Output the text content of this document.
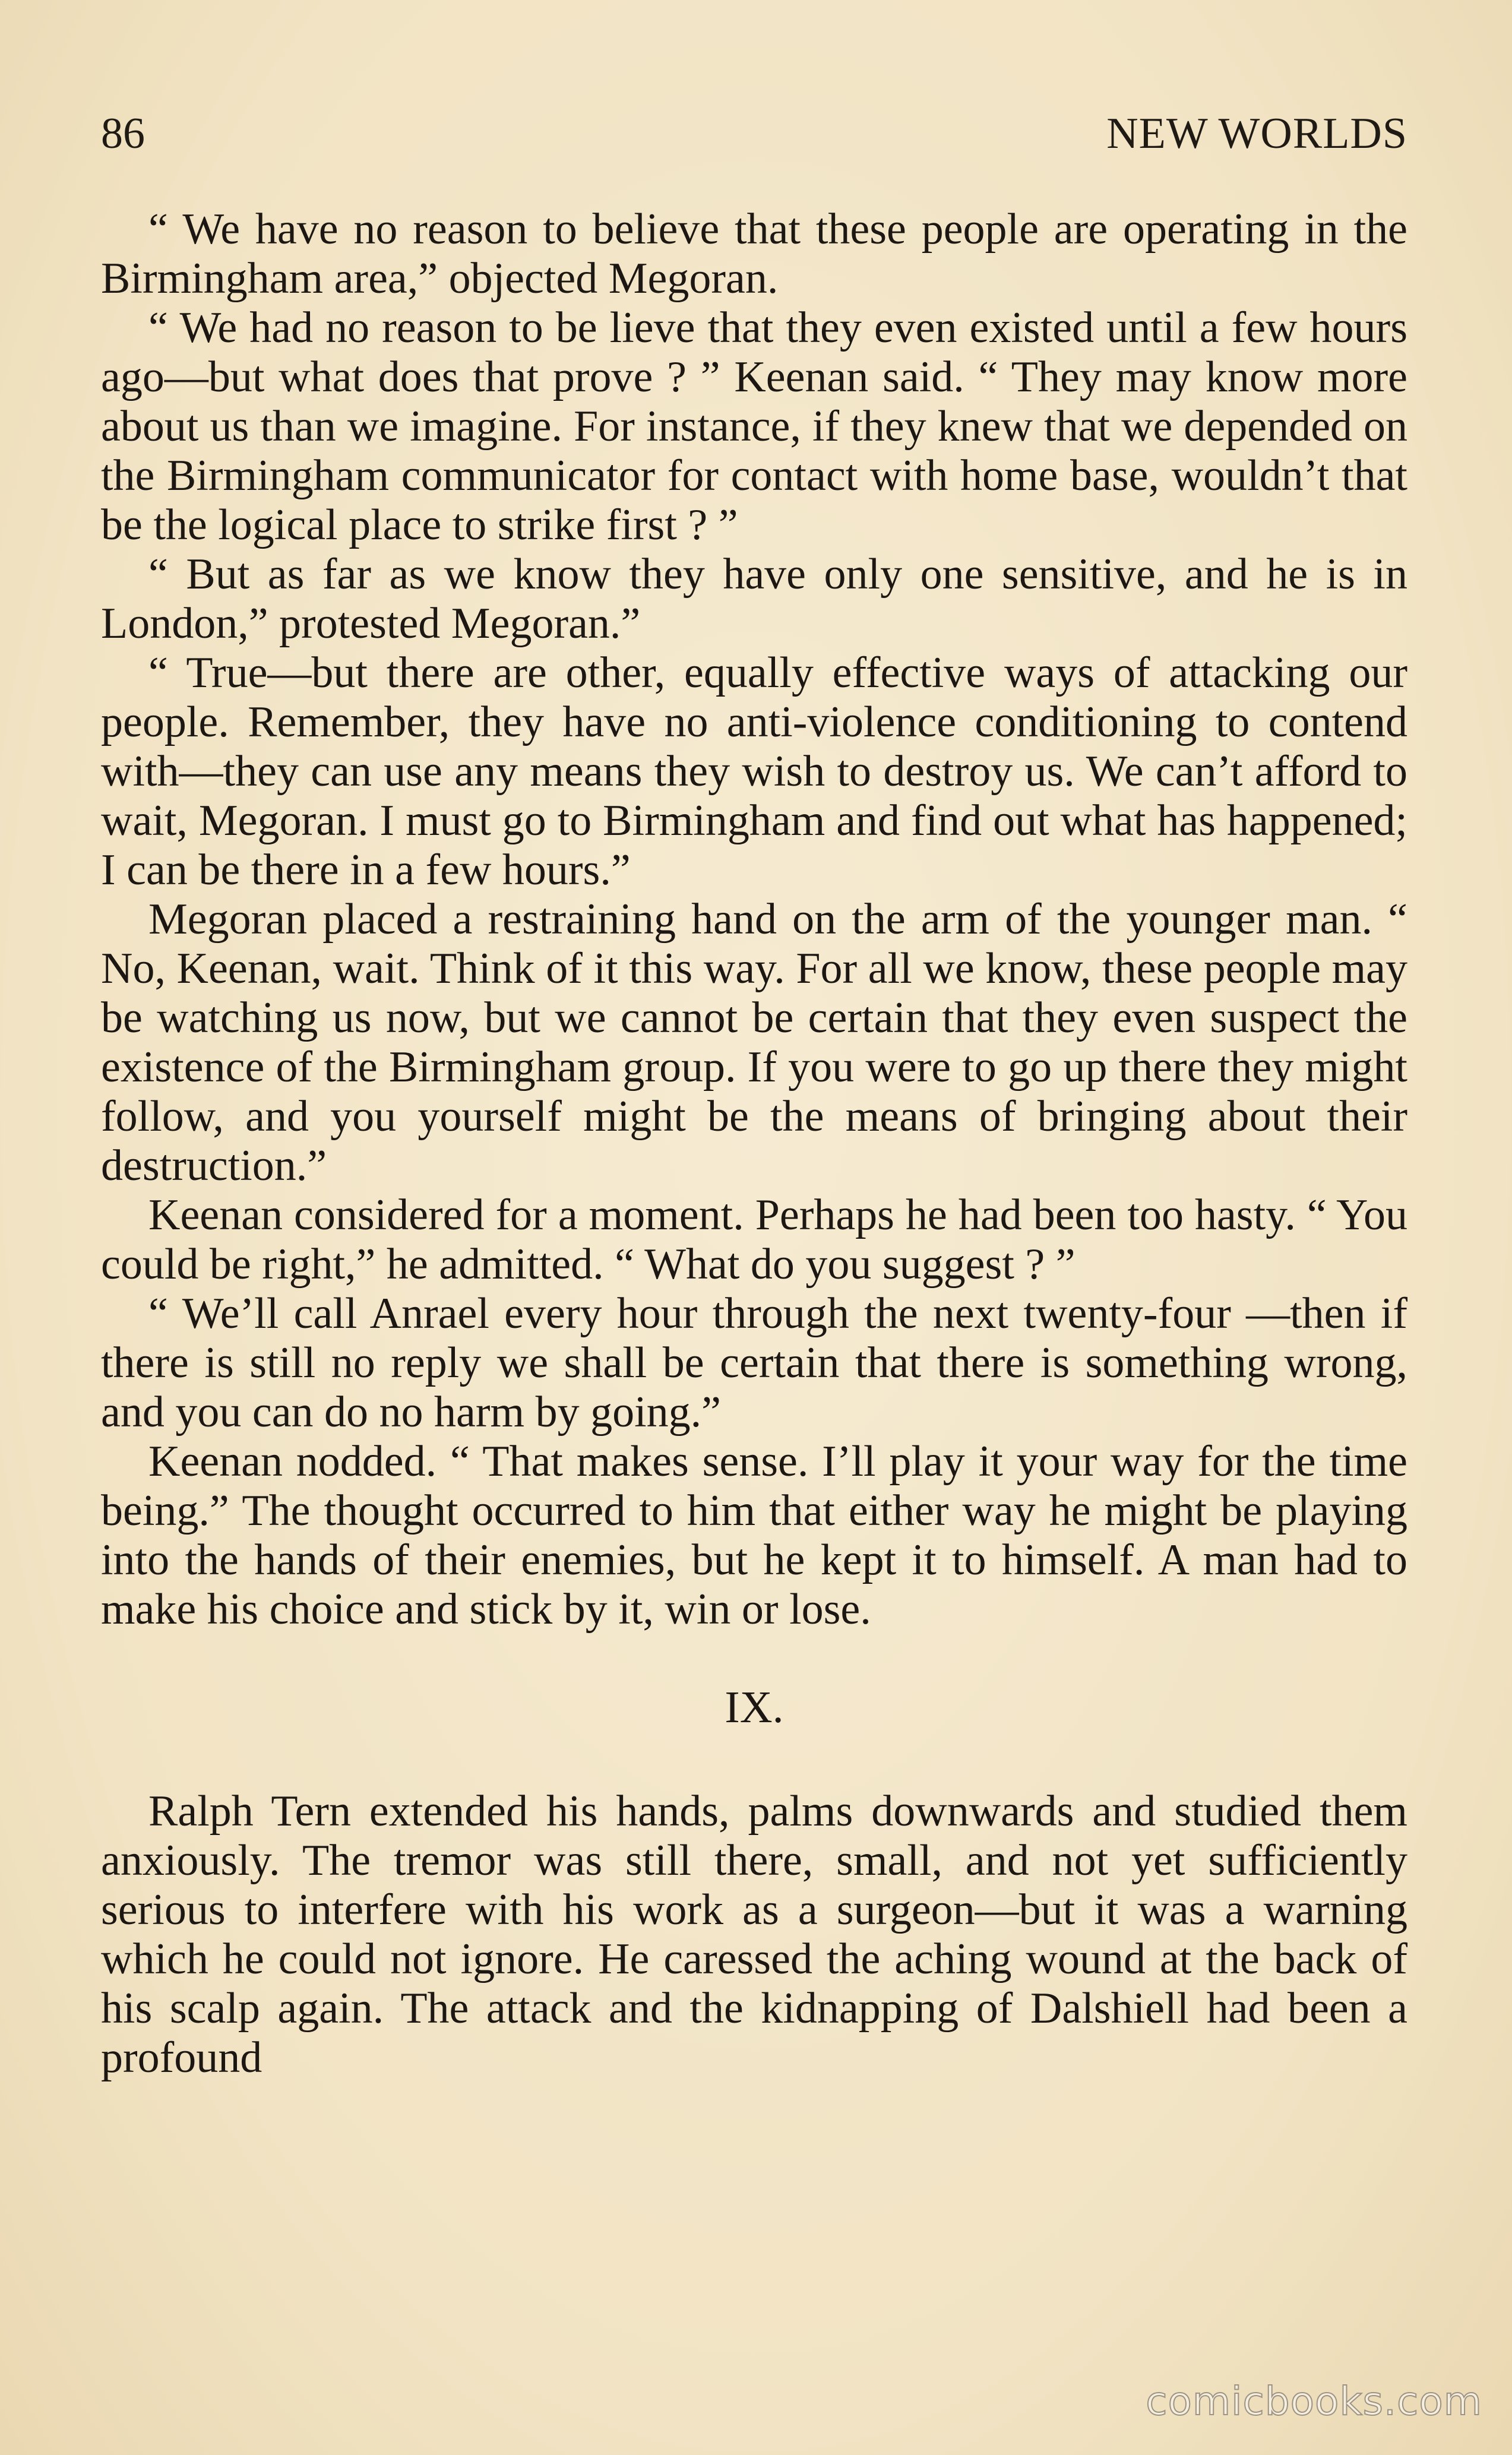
86	NEW WORLDS

“ We have no reason to believe that these people are operating in the Birmingham area,” objected Megoran.

“ We had no reason to be lieve that they even existed until a few hours ago—but what does that prove ? ” Keenan said. “ They may know more about us than we imagine. For instance, if they knew that we depended on the Birmingham communicator for contact with home base, wouldn’t that be the logical place to strike first ? ”

“ But as far as we know they have only one sensitive, and he is in London,” protested Megoran.”

“ True—but there are other, equally effective ways of attacking our people. Remember, they have no anti-violence conditioning to contend with—they can use any means they wish to destroy us. We can’t afford to wait, Megoran. I must go to Birmingham and find out what has happened; I can be there in a few hours.”

Megoran placed a restraining hand on the arm of the younger man. “ No, Keenan, wait. Think of it this way. For all we know, these people may be watching us now, but we cannot be certain that they even suspect the existence of the Birmingham group. If you were to go up there they might follow, and you yourself might be the means of bringing about their destruction.”

Keenan considered for a moment. Perhaps he had been too hasty. “ You could be right,” he admitted. “ What do you suggest ? ”

“ We’ll call Anrael every hour through the next twenty-four —then if there is still no reply we shall be certain that there is something wrong, and you can do no harm by going.”

Keenan nodded. “ That makes sense. I’ll play it your way for the time being.” The thought occurred to him that either way he might be playing into the hands of their enemies, but he kept it to himself. A man had to make his choice and stick by it, win or lose.

IX.

Ralph Tern extended his hands, palms downwards and studied them anxiously. The tremor was still there, small, and not yet sufficiently serious to interfere with his work as a surgeon—but it was a warning which he could not ignore. He caressed the aching wound at the back of his scalp again. The attack and the kidnapping of Dalshiell had been a profound

comicbooks.com
